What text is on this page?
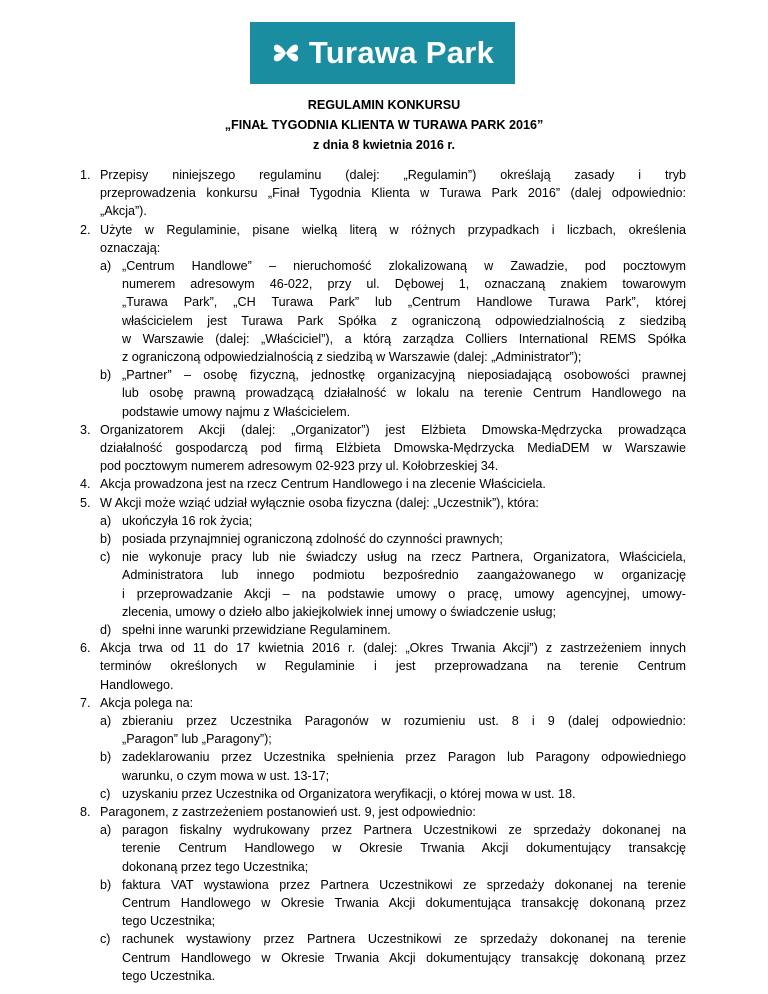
Turawa Park
REGULAMIN KONKURSU
„FINAŁ TYGODNIA KLIENTA W TURAWA PARK 2016”
z dnia 8 kwietnia 2016 r.
1. Przepisy niniejszego regulaminu (dalej: „Regulamin”) określają zasady i tryb
przeprowadzenia konkursu „Finał Tygodnia Klienta w Turawa Park 2016” (dalej odpowiednio:
„Akcja”).
2. Użyte w Regulaminie, pisane wielką literą w różnych przypadkach i liczbach, określenia
oznaczają:
a) „Centrum Handlowe” – nieruchomość zlokalizowaną w Zawadzie, pod pocztowym
numerem adresowym 46-022, przy ul. Dębowej 1, oznaczaną znakiem towarowym
„Turawa Park”, „CH Turawa Park” lub „Centrum Handlowe Turawa Park”, której
właścicielem jest Turawa Park Spółka z ograniczoną odpowiedzialnością z siedzibą
w Warszawie (dalej: „Właściciel”), a którą zarządza Colliers International REMS Spółka
z ograniczoną odpowiedzialnością z siedzibą w Warszawie (dalej: „Administrator”);
b) „Partner” – osobę fizyczną, jednostkę organizacyjną nieposiadającą osobowości prawnej
lub osobę prawną prowadzącą działalność w lokalu na terenie Centrum Handlowego na
podstawie umowy najmu z Właścicielem.
3. Organizatorem Akcji (dalej: „Organizator”) jest Elżbieta Dmowska-Mędrzycka prowadząca
działalność gospodarczą pod firmą Elżbieta Dmowska-Mędrzycka MediaDEM w Warszawie
pod pocztowym numerem adresowym 02-923 przy ul. Kołobrzeskiej 34.
4. Akcja prowadzona jest na rzecz Centrum Handlowego i na zlecenie Właściciela.
5. W Akcji może wziąć udział wyłącznie osoba fizyczna (dalej: „Uczestnik”), która:
a) ukończyła 16 rok życia;
b) posiada przynajmniej ograniczoną zdolność do czynności prawnych;
c) nie wykonuje pracy lub nie świadczy usług na rzecz Partnera, Organizatora, Właściciela,
Administratora lub innego podmiotu bezpośrednio zaangażowanego w organizację
i przeprowadzanie Akcji – na podstawie umowy o pracę, umowy agencyjnej, umowy-
zlecenia, umowy o dzieło albo jakiejkolwiek innej umowy o świadczenie usług;
d) spełni inne warunki przewidziane Regulaminem.
6. Akcja trwa od 11 do 17 kwietnia 2016 r. (dalej: „Okres Trwania Akcji”) z zastrzeżeniem innych
terminów określonych w Regulaminie i jest przeprowadzana na terenie Centrum
Handlowego.
7. Akcja polega na:
a) zbieraniu przez Uczestnika Paragonów w rozumieniu ust. 8 i 9 (dalej odpowiednio:
„Paragon” lub „Paragony”);
b) zadeklarowaniu przez Uczestnika spełnienia przez Paragon lub Paragony odpowiedniego
warunku, o czym mowa w ust. 13-17;
c) uzyskaniu przez Uczestnika od Organizatora weryfikacji, o której mowa w ust. 18.
8. Paragonem, z zastrzeżeniem postanowień ust. 9, jest odpowiednio:
a) paragon fiskalny wydrukowany przez Partnera Uczestnikowi ze sprzedaży dokonanej na
terenie Centrum Handlowego w Okresie Trwania Akcji dokumentujący transakcję
dokonaną przez tego Uczestnika;
b) faktura VAT wystawiona przez Partnera Uczestnikowi ze sprzedaży dokonanej na terenie
Centrum Handlowego w Okresie Trwania Akcji dokumentująca transakcję dokonaną przez
tego Uczestnika;
c) rachunek wystawiony przez Partnera Uczestnikowi ze sprzedaży dokonanej na terenie
Centrum Handlowego w Okresie Trwania Akcji dokumentujący transakcję dokonaną przez
tego Uczestnika.
